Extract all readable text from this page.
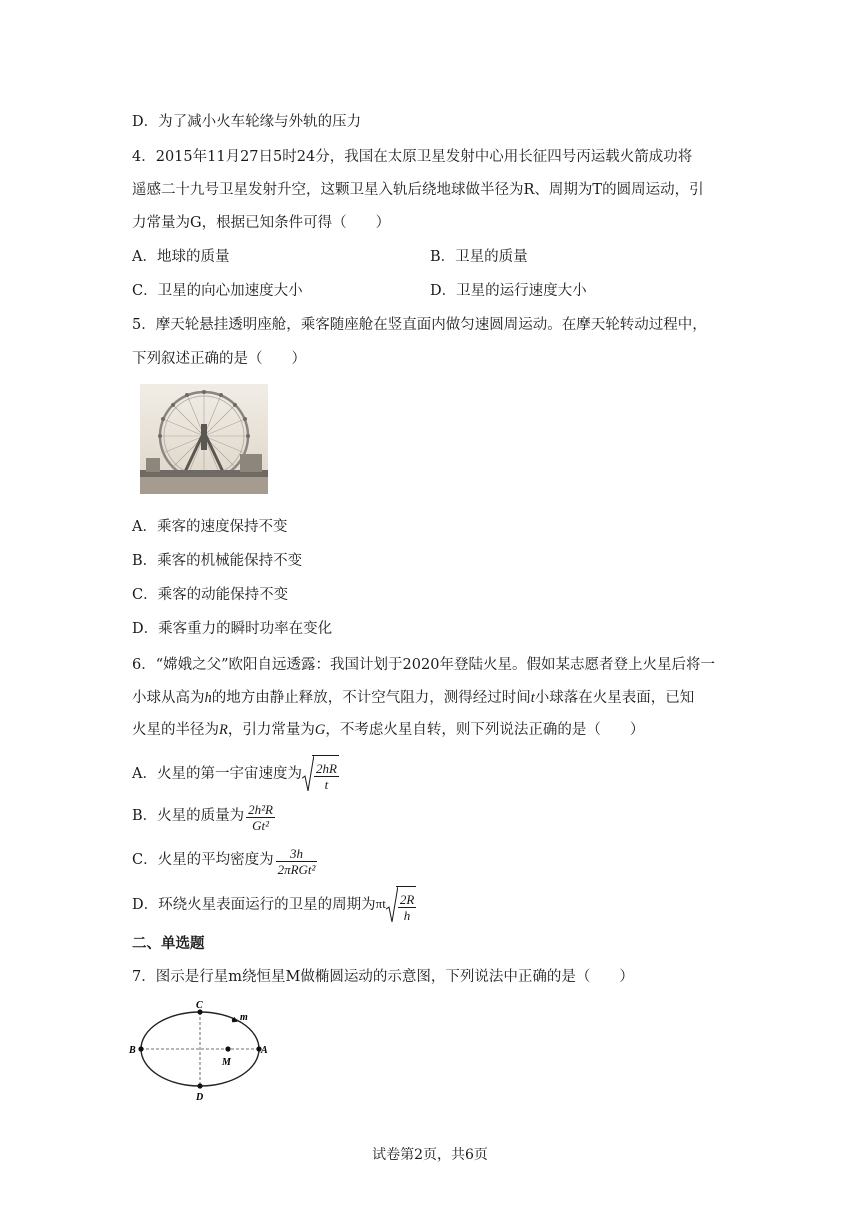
D．为了减小火车轮缘与外轨的压力
4．2015年11月27日5时24分，我国在太原卫星发射中心用长征四号丙运载火箭成功将
遥感二十九号卫星发射升空，这颗卫星入轨后绕地球做半径为R、周期为T的圆周运动，引
力常量为G，根据已知条件可得（　　）
A．地球的质量	B．卫星的质量
C．卫星的向心加速度大小	D．卫星的运行速度大小
5．摩天轮悬挂透明座舱，乘客随座舱在竖直面内做匀速圆周运动。在摩天轮转动过程中，
下列叙述正确的是（　　）
A．乘客的速度保持不变
B．乘客的机械能保持不变
C．乘客的动能保持不变
D．乘客重力的瞬时功率在变化
6．“嫦娥之父”欧阳自远透露：我国计划于2020年登陆火星。假如某志愿者登上火星后将一
小球从高为h的地方由静止释放，不计空气阻力，测得经过时间t小球落在火星表面，已知
火星的半径为R，引力常量为G，不考虑火星自转，则下列说法正确的是（　　）
A．火星的第一宇宙速度为 $\frac{2hR}{t}$
B．火星的质量为 $\frac{\text{2h²R}}{\text{Gt²}}$
C．火星的平均密度为 $\frac{3h}{\text{2πRGt²}}$
D．环绕火星表面运行的卫星的周期为πt $\frac{2R}{h}$
二、单选题
7．图示是行星m绕恒星M做椭圆运动的示意图，下列说法中正确的是（　　）
C
D
B	A
M
m
试卷第2页，共6页
